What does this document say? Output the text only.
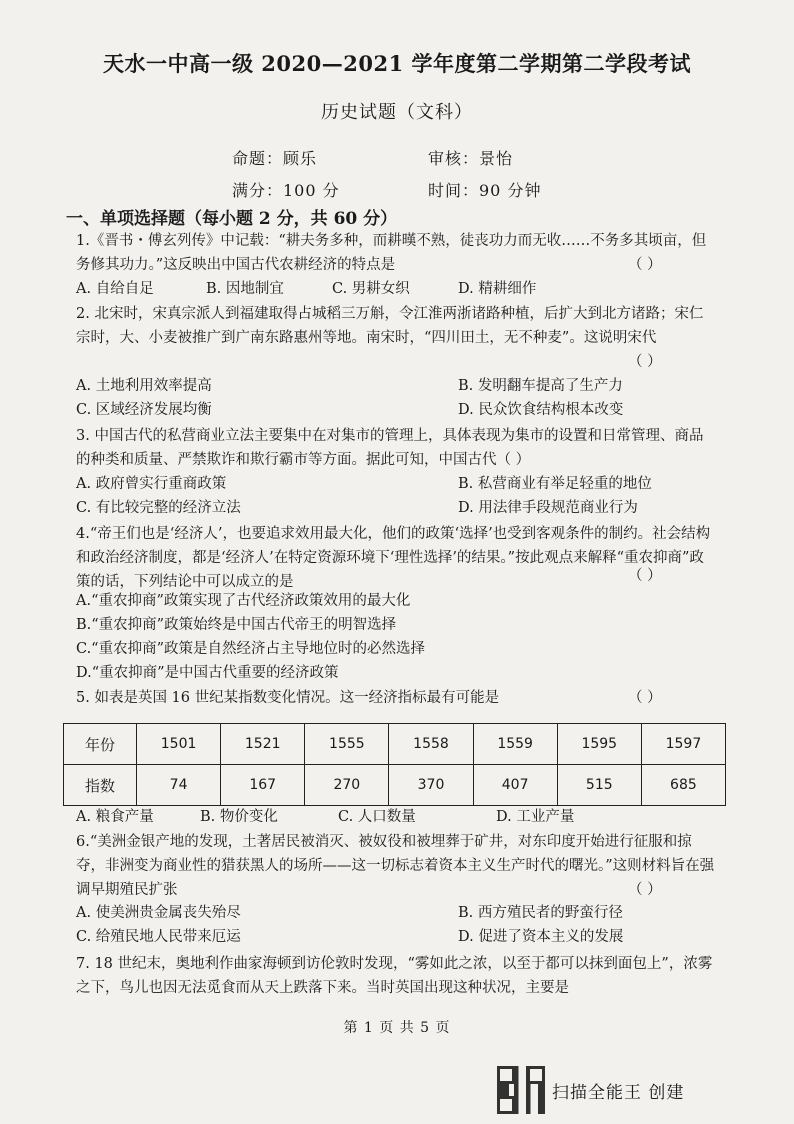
天水一中高一级 2020—2021 学年度第二学期第二学段考试
历史试题（文科）
命题：顾乐	审核：景怡
满分：100 分	时间：90 分钟
一、单项选择题（每小题 2 分，共 60 分）
1.《晋书・傅玄列传》中记载：“耕夫务多种，而耕暵不熟，徒丧功力而无收……不务多其顷亩，但务修其功力。”这反映出中国古代农耕经济的特点是	（ ）
A. 自给自足	B. 因地制宜	C. 男耕女织	D. 精耕细作
2. 北宋时，宋真宗派人到福建取得占城稻三万斛，令江淮两浙诸路种植，后扩大到北方诸路；宋仁宗时，大、小麦被推广到广南东路惠州等地。南宋时，“四川田土，无不种麦”。这说明宋代
（ ）
A. 土地利用效率提高	B. 发明翻车提高了生产力
C. 区域经济发展均衡	D. 民众饮食结构根本改变
3. 中国古代的私营商业立法主要集中在对集市的管理上，具体表现为集市的设置和日常管理、商品的种类和质量、严禁欺诈和欺行霸市等方面。据此可知，中国古代（ ）
A. 政府曾实行重商政策	B. 私营商业有举足轻重的地位
C. 有比较完整的经济立法	D. 用法律手段规范商业行为
4.“帝王们也是‘经济人’，也要追求效用最大化，他们的政策‘选择’也受到客观条件的制约。社会结构和政治经济制度，都是‘经济人’在特定资源环境下‘理性选择’的结果。”按此观点来解释“重农抑商”政策的话，下列结论中可以成立的是	（ ）
A.“重农抑商”政策实现了古代经济政策效用的最大化
B.“重农抑商”政策始终是中国古代帝王的明智选择
C.“重农抑商”政策是自然经济占主导地位时的必然选择
D.“重农抑商”是中国古代重要的经济政策
5. 如表是英国 16 世纪某指数变化情况。这一经济指标最有可能是	（ ）
年份	1501	1521	1555	1558	1559	1595	1597
指数	74	167	270	370	407	515	685
A. 粮食产量	B. 物价变化	C. 人口数量	D. 工业产量
6.“美洲金银产地的发现，土著居民被消灭、被奴役和被埋葬于矿井，对东印度开始进行征服和掠夺，非洲变为商业性的猎获黑人的场所——这一切标志着资本主义生产时代的曙光。”这则材料旨在强调早期殖民扩张	（ ）
A. 使美洲贵金属丧失殆尽	B. 西方殖民者的野蛮行径
C. 给殖民地人民带来厄运	D. 促进了资本主义的发展
7. 18 世纪末，奥地利作曲家海顿到访伦敦时发现，“雾如此之浓，以至于都可以抹到面包上”，浓雾之下，鸟儿也因无法觅食而从天上跌落下来。当时英国出现这种状况，主要是
第 1 页 共 5 页
扫描全能王 创建
